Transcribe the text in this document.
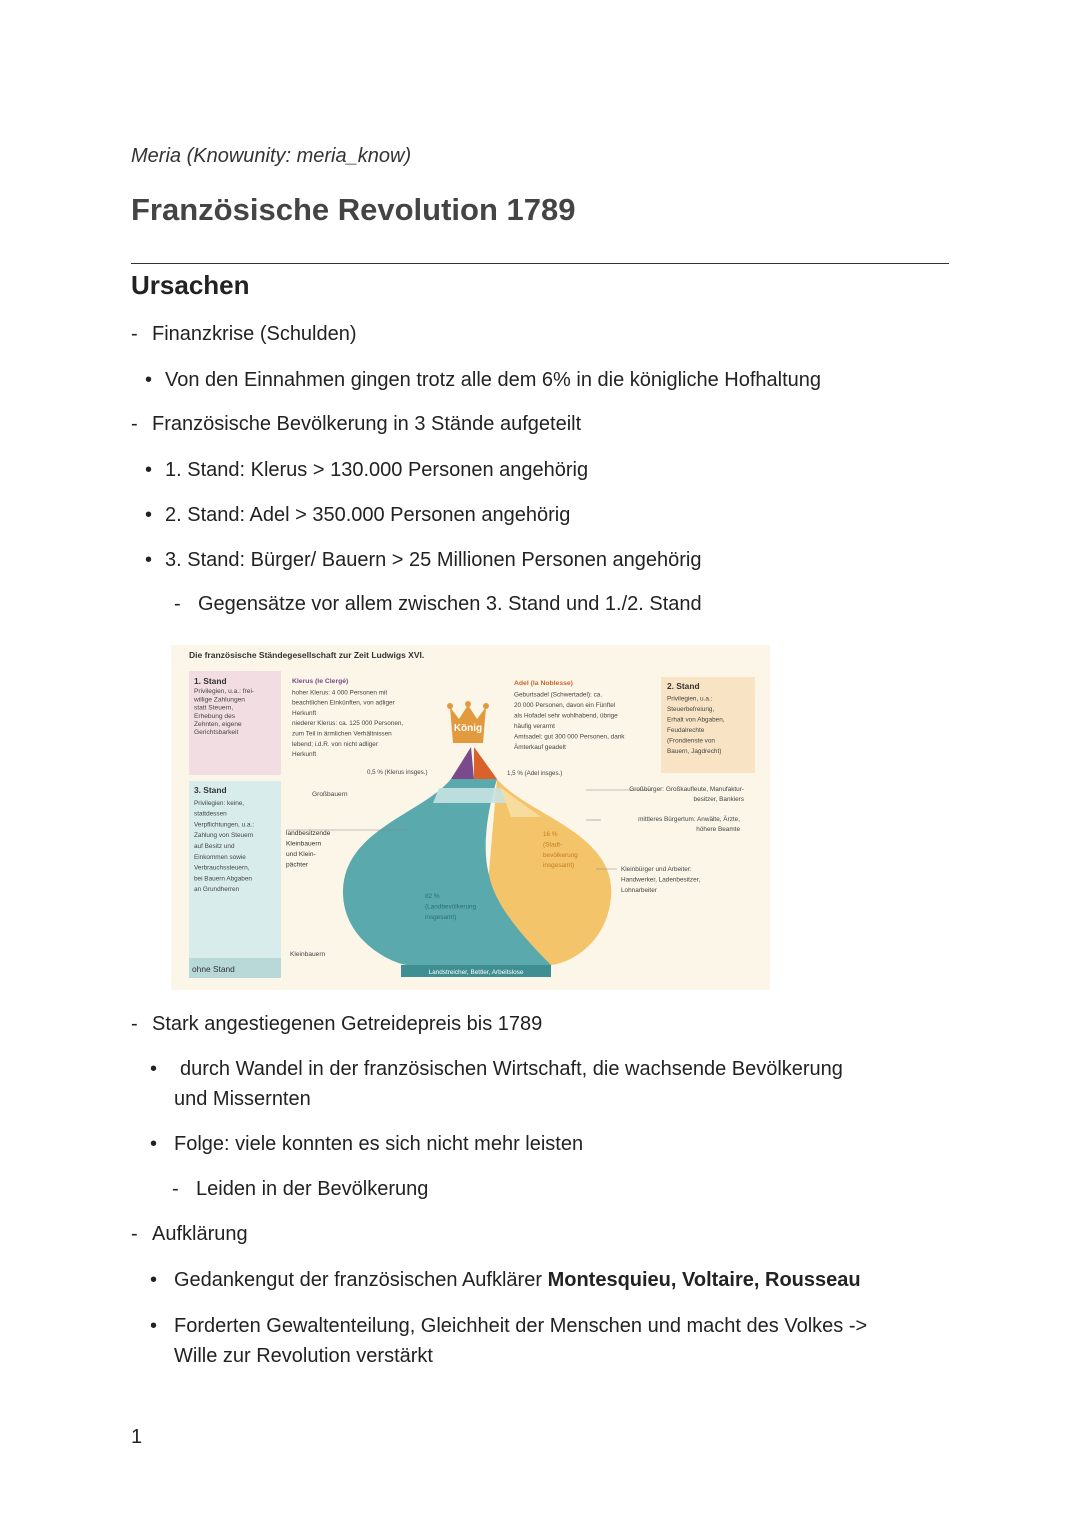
Meria (Knowunity: meria_know)
Französische Revolution 1789
Ursachen
- Finanzkrise (Schulden)
• Von den Einnahmen gingen trotz alle dem 6% in die königliche Hofhaltung
- Französische Bevölkerung in 3 Stände aufgeteilt
• 1. Stand: Klerus > 130.000 Personen angehörig
• 2. Stand: Adel > 350.000 Personen angehörig
• 3. Stand: Bürger/ Bauern > 25 Millionen Personen angehörig
- Gegensätze vor allem zwischen 3. Stand und 1./2. Stand
König
Die französische Ständegesellschaft zur Zeit Ludwigs XVI.
1. Stand
Privilegien, u.a.: frei-
willige Zahlungen
statt Steuern,
Erhebung des
Zehnten, eigene
Gerichtsbarkeit
Klerus (le Clergé)
hoher Klerus: 4 000 Personen mit
beachtlichen Einkünften, von adliger
Herkunft
niederer Klerus: ca. 125 000 Personen,
zum Teil in ärmlichen Verhältnissen
lebend; i.d.R. von nicht adliger
Herkunft
Adel (la Noblesse)
Geburtsadel (Schwertadel): ca.
20 000 Personen, davon ein Fünftel
als Hofadel sehr wohlhabend, übrige
häufig verarmt
Amtsadel: gut 300 000 Personen, dank
Ämterkauf geadelt
2. Stand
Privilegien, u.a.:
Steuerbefreiung,
Erhalt von Abgaben,
Feudalrechte
(Frondienste von
Bauern, Jagdrecht)
0,5 % (Klerus insges.)	1,5 % (Adel insges.)
3. Stand
Privilegien: keine,
stattdessen
Verpflichtungen, u.a.:
Zahlung von Steuern
auf Besitz und
Einkommen sowie
Verbrauchssteuern,
bei Bauern Abgaben
an Grundherren
Großbauern
landbesitzende
Kleinbauern
und Klein-
pächter
Kleinbauern
ohne Stand
Großbürger: Großkaufleute, Manufaktur-
besitzer, Bankiers
mittleres Bürgertum: Anwälte, Ärzte,
höhere Beamte
Kleinbürger und Arbeiter:
Handwerker, Ladenbesitzer,
Lohnarbeiter
16 %
(Stadt-
bevölkerung
insgesamt)
82 %
(Landbevölkerung
insgesamt)
Landstreicher, Bettler, Arbeitslose
- Stark angestiegenen Getreidepreis bis 1789
• durch Wandel in der französischen Wirtschaft, die wachsende Bevölkerung
und Missernten
• Folge: viele konnten es sich nicht mehr leisten
- Leiden in der Bevölkerung
- Aufklärung
• Gedankengut der französischen Aufklärer Montesquieu, Voltaire, Rousseau
• Forderten Gewaltenteilung, Gleichheit der Menschen und macht des Volkes ->
Wille zur Revolution verstärkt
1
